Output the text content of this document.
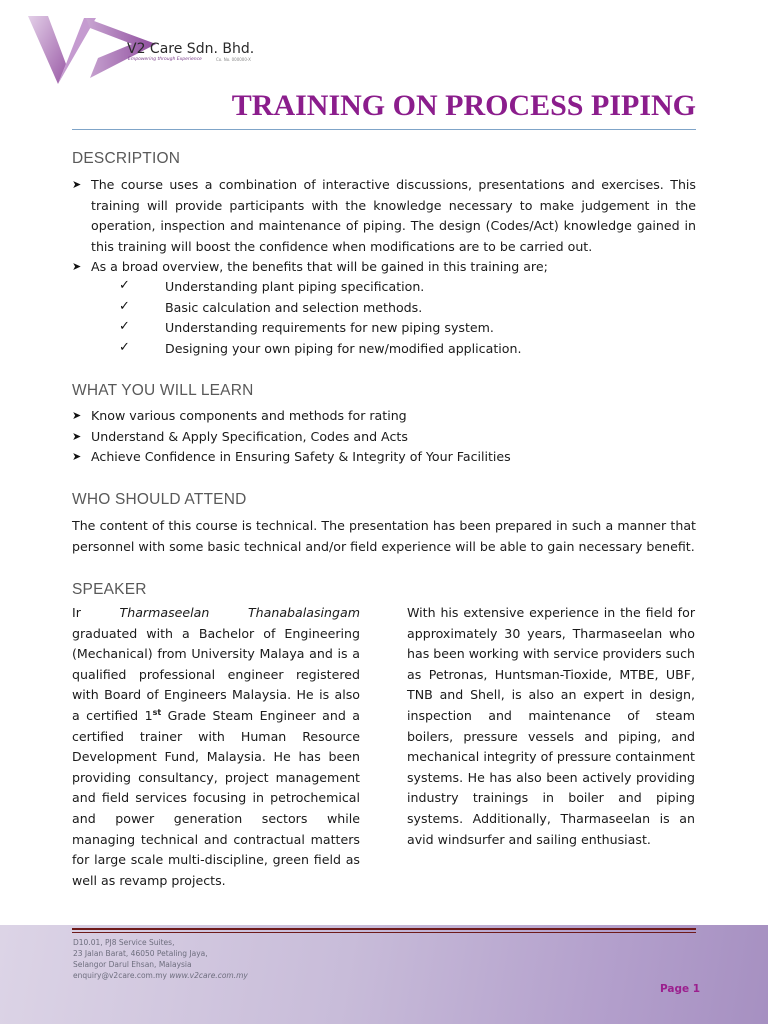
V2 Care Sdn. Bhd.
Empowering through Experience	Co. No. 000000-X
TRAINING ON PROCESS PIPING
DESCRIPTION
➤ The course uses a combination of interactive discussions, presentations and exercises. This training will provide participants with the knowledge necessary to make judgement in the operation, inspection and maintenance of piping. The design (Codes/Act) knowledge gained in this training will boost the confidence when modifications are to be carried out.
➤ As a broad overview, the benefits that will be gained in this training are;
✓	Understanding plant piping specification.
✓	Basic calculation and selection methods.
✓	Understanding requirements for new piping system.
✓	Designing your own piping for new/modified application.
WHAT YOU WILL LEARN
➤ Know various components and methods for rating
➤ Understand & Apply Specification, Codes and Acts
➤ Achieve Confidence in Ensuring Safety & Integrity of Your Facilities
WHO SHOULD ATTEND

The content of this course is technical. The presentation has been prepared in such a manner that personnel with some basic technical and/or field experience will be able to gain necessary benefit.

SPEAKER

Ir Tharmaseelan Thanabalasingam graduated with a Bachelor of Engineering (Mechanical) from University Malaya and is a qualified professional engineer registered with Board of Engineers Malaysia. He is also a certified 1st Grade Steam Engineer and a certified trainer with Human Resource Development Fund, Malaysia. He has been providing consultancy, project management and field services focusing in petrochemical and power generation sectors while managing technical and contractual matters for large scale multi-discipline, green field as well as revamp projects.

With his extensive experience in the field for approximately 30 years, Tharmaseelan who has been working with service providers such as Petronas, Huntsman-Tioxide, MTBE, UBF, TNB and Shell, is also an expert in design, inspection and maintenance of steam boilers, pressure vessels and piping, and mechanical integrity of pressure containment systems. He has also been actively providing industry trainings in boiler and piping systems. Additionally, Tharmaseelan is an avid windsurfer and sailing enthusiast.

D10.01, PJ8 Service Suites,
23 Jalan Barat, 46050 Petaling Jaya,
Selangor Darul Ehsan, Malaysia
enquiry@v2care.com.my www.v2care.com.my
Page 1
